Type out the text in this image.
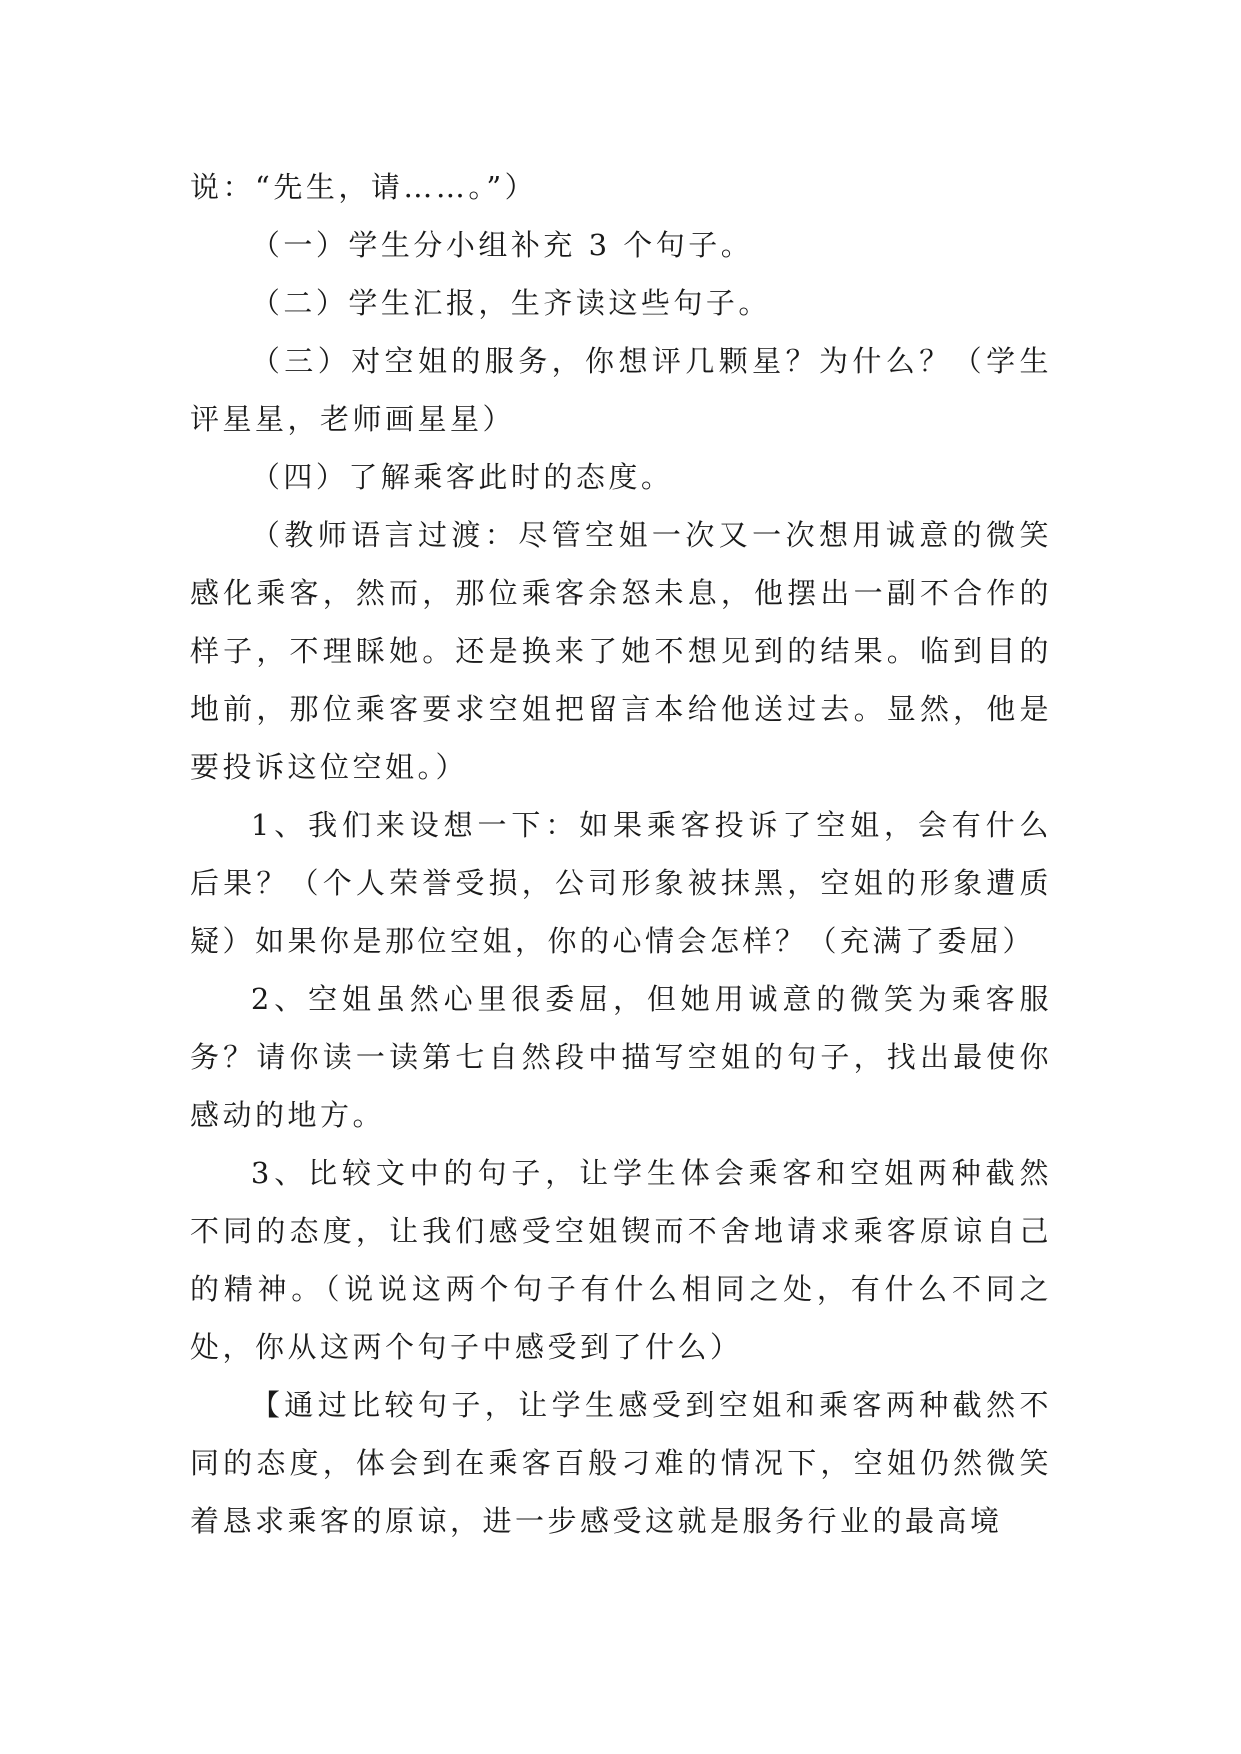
说：“先生，请……。”）

（一）学生分小组补充 3 个句子。

（二）学生汇报，生齐读这些句子。

（三）对空姐的服务，你想评几颗星？为什么？（学生评星星，老师画星星）

（四）了解乘客此时的态度。

（教师语言过渡：尽管空姐一次又一次想用诚意的微笑感化乘客，然而，那位乘客余怒未息，他摆出一副不合作的样子，不理睬她。还是换来了她不想见到的结果。临到目的地前，那位乘客要求空姐把留言本给他送过去。显然，他是要投诉这位空姐。）

1、我们来设想一下：如果乘客投诉了空姐，会有什么后果？（个人荣誉受损，公司形象被抹黑，空姐的形象遭质疑）如果你是那位空姐，你的心情会怎样？（充满了委屈）

2、空姐虽然心里很委屈，但她用诚意的微笑为乘客服务？请你读一读第七自然段中描写空姐的句子，找出最使你感动的地方。

3、比较文中的句子，让学生体会乘客和空姐两种截然不同的态度，让我们感受空姐锲而不舍地请求乘客原谅自己的精神。（说说这两个句子有什么相同之处，有什么不同之处，你从这两个句子中感受到了什么）

【通过比较句子，让学生感受到空姐和乘客两种截然不同的态度，体会到在乘客百般刁难的情况下，空姐仍然微笑着恳求乘客的原谅，进一步感受这就是服务行业的最高境
